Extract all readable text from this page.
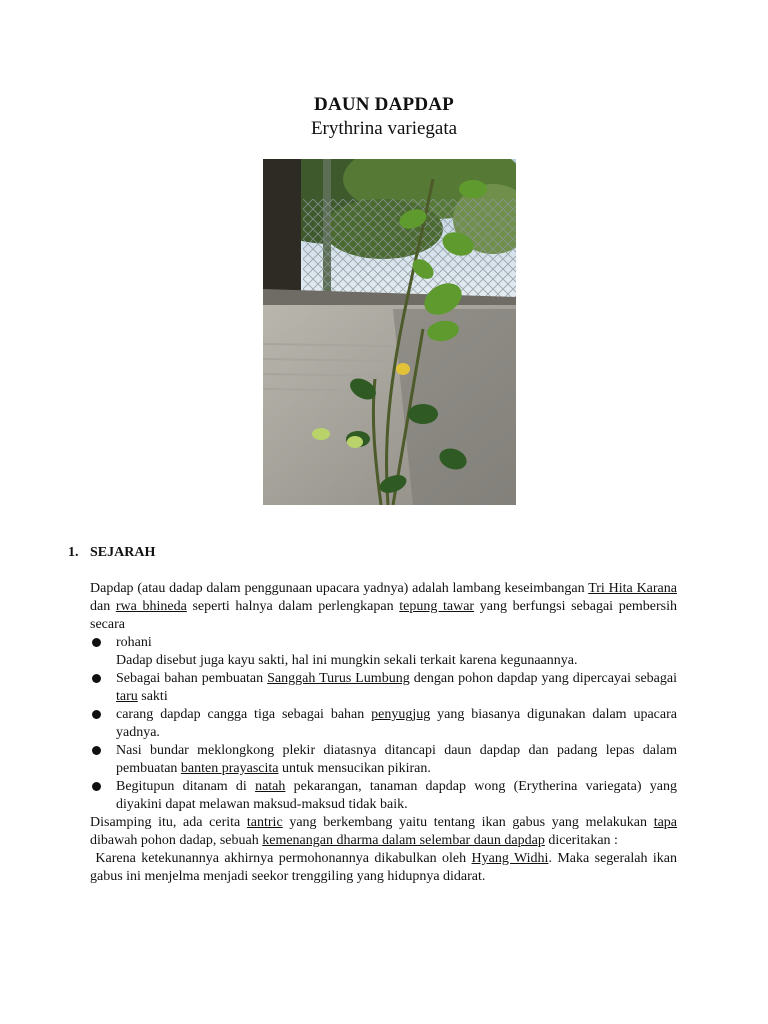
DAUN DAPDAP
Erythrina variegata
1. SEJARAH

Dapdap (atau dadap dalam penggunaan upacara yadnya) adalah lambang keseimbangan Tri Hita Karana dan rwa bhineda seperti halnya dalam perlengkapan tepung tawar yang berfungsi sebagai pembersih secara

rohani

Dadap disebut juga kayu sakti, hal ini mungkin sekali terkait karena kegunaannya.

Sebagai bahan pembuatan Sanggah Turus Lumbung dengan pohon dapdap yang dipercayai sebagai taru sakti
carang dapdap cangga tiga sebagai bahan penyugjug yang biasanya digunakan dalam upacara yadnya.
Nasi bundar meklongkong plekir diatasnya ditancapi daun dapdap dan padang lepas dalam pembuatan banten prayascita untuk mensucikan pikiran.
Begitupun ditanam di natah pekarangan, tanaman dapdap wong (Erytherina variegata) yang diyakini dapat melawan maksud-maksud tidak baik.

Disamping itu, ada cerita tantric yang berkembang yaitu tentang ikan gabus yang melakukan tapa dibawah pohon dadap, sebuah kemenangan dharma dalam selembar daun dapdap diceritakan :

Karena ketekunannya akhirnya permohonannya dikabulkan oleh Hyang Widhi. Maka segeralah ikan gabus ini menjelma menjadi seekor trenggiling yang hidupnya didarat.
